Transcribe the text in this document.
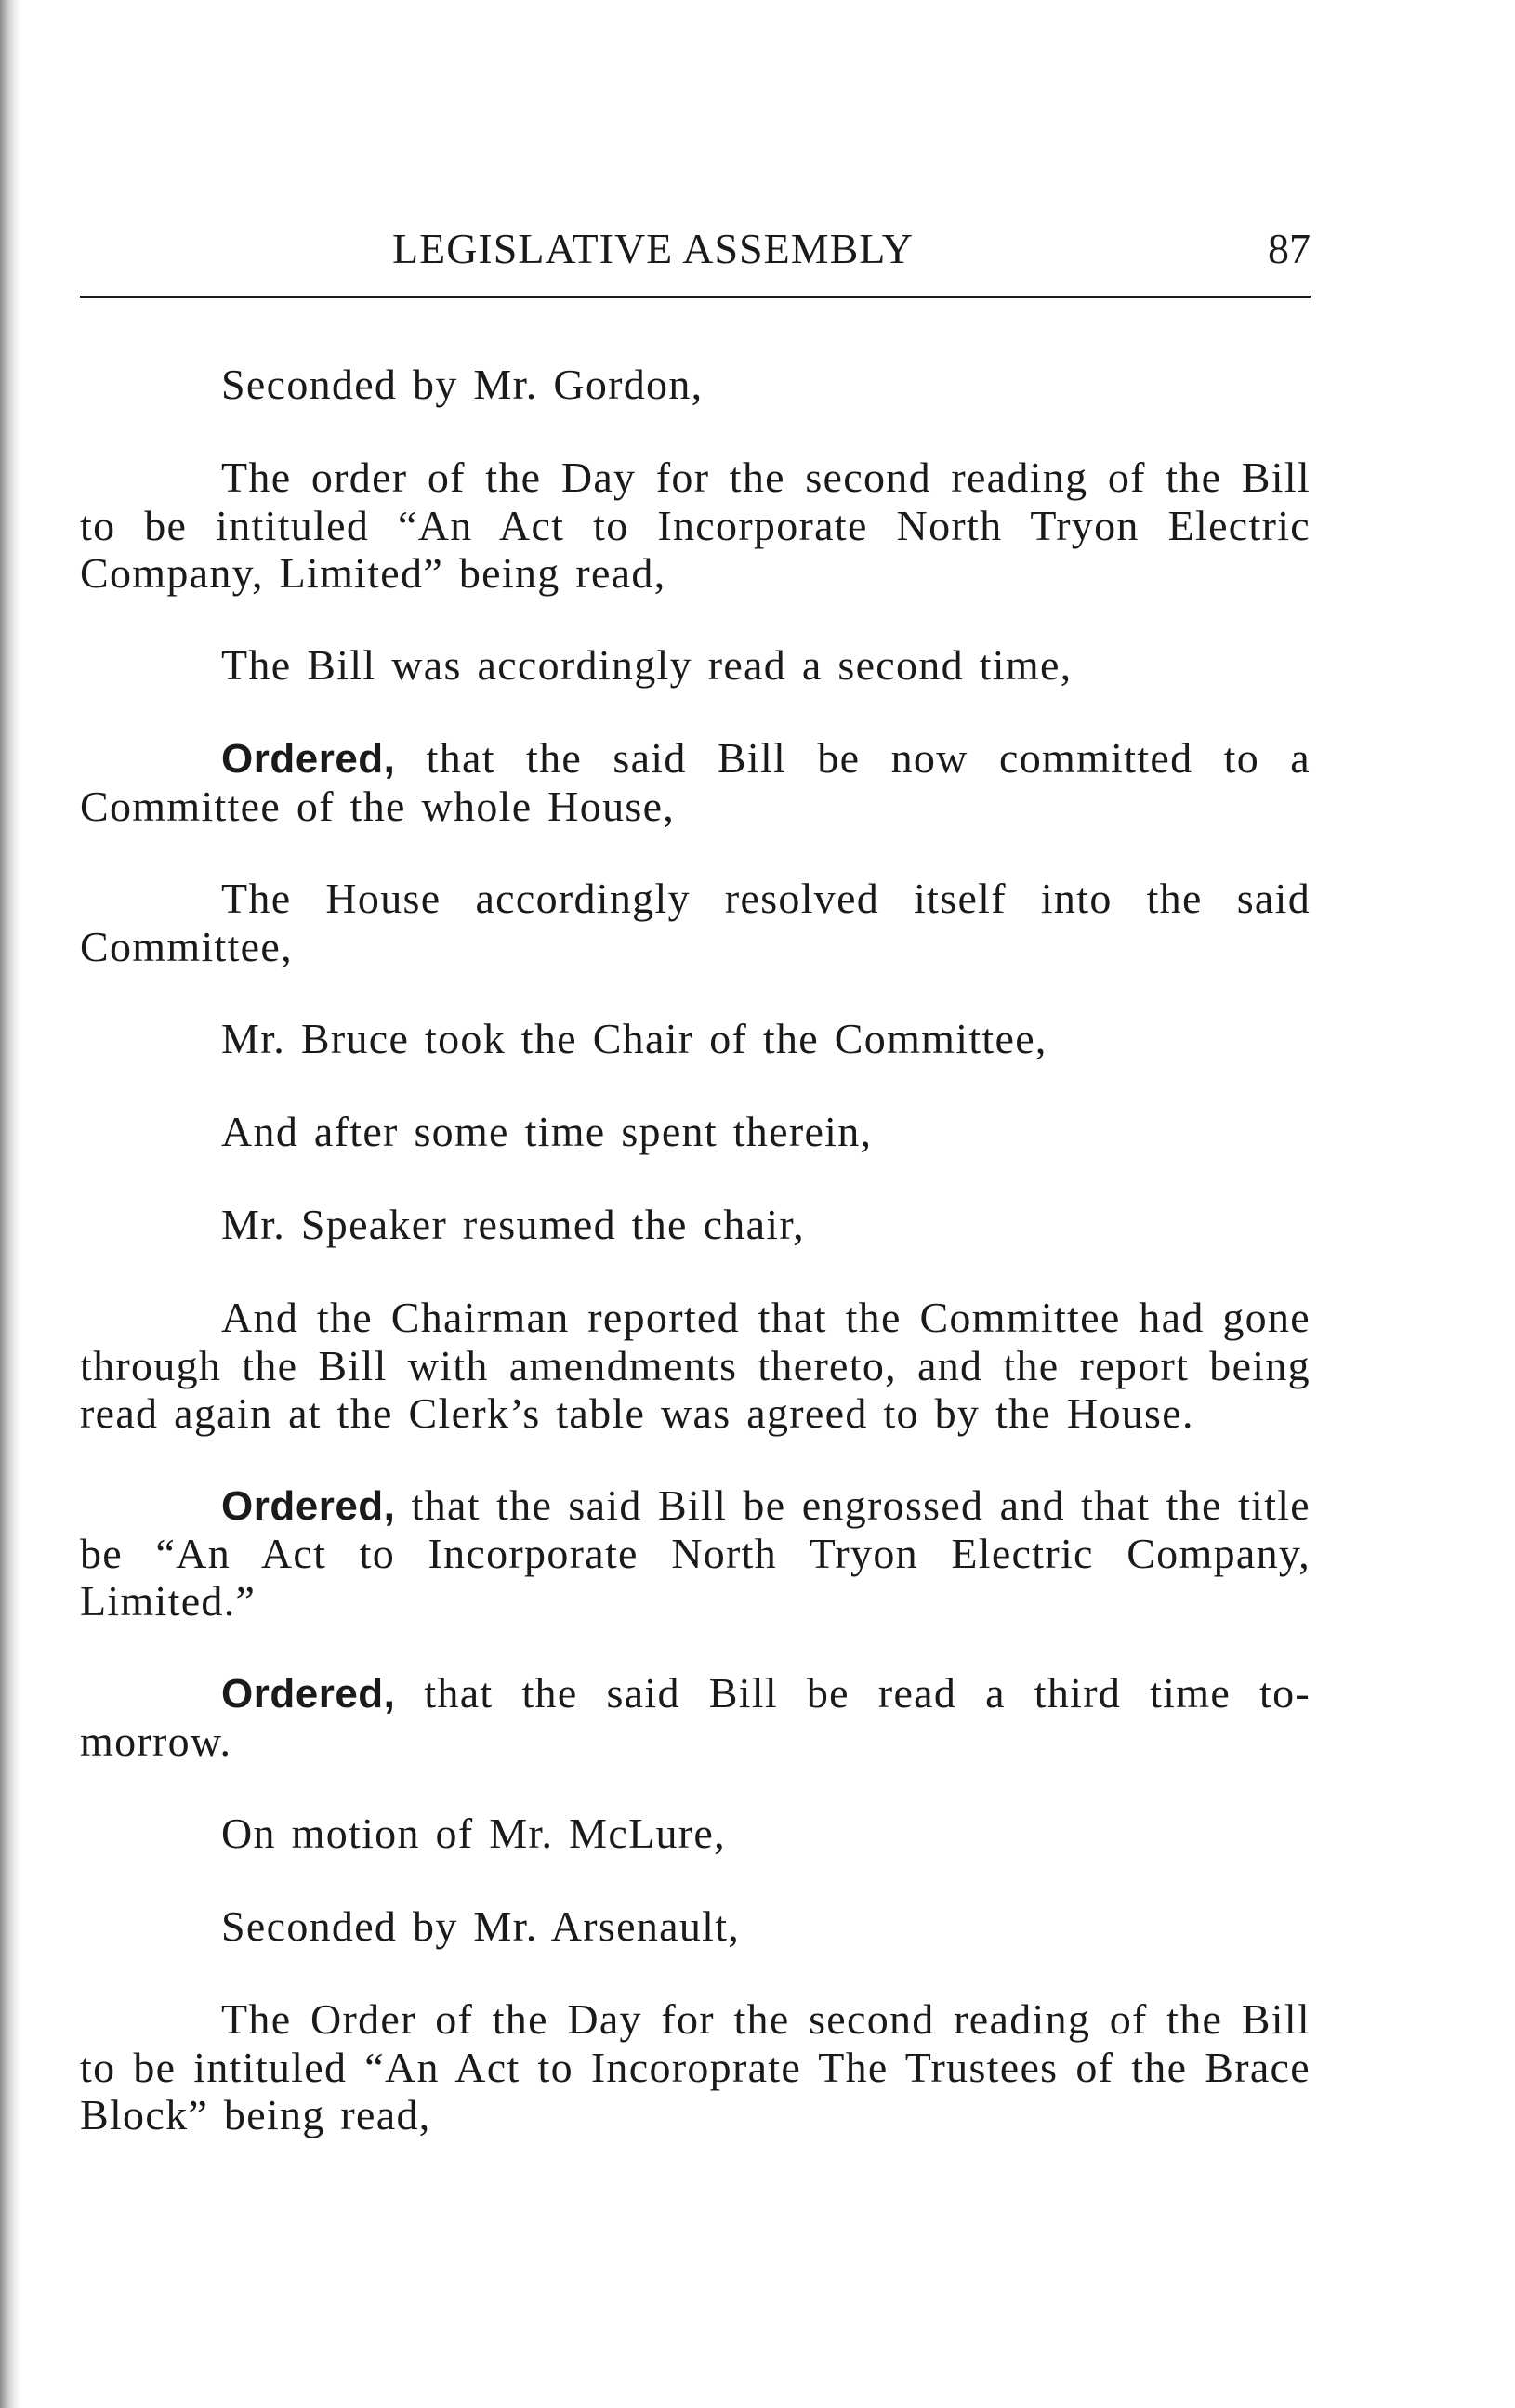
LEGISLATIVE ASSEMBLY	87

Seconded by Mr. Gordon,

The order of the Day for the second reading of the Bill to be intituled “An Act to Incorporate North Tryon Electric Company, Limited” being read,

The Bill was accordingly read a second time,

Ordered, that the said Bill be now committed to a Committee of the whole House,

The House accordingly resolved itself into the said Committee,

Mr. Bruce took the Chair of the Committee,

And after some time spent therein,

Mr. Speaker resumed the chair,

And the Chairman reported that the Committee had gone through the Bill with amendments thereto, and the report being read again at the Clerk’s table was agreed to by the House.

Ordered, that the said Bill be engrossed and that the title be “An Act to Incorporate North Tryon Electric Company, Limited.”

Ordered, that the said Bill be read a third time to-morrow.

On motion of Mr. McLure,

Seconded by Mr. Arsenault,

The Order of the Day for the second reading of the Bill to be intituled “An Act to Incoroprate The Trustees of the Brace Block” being read,
